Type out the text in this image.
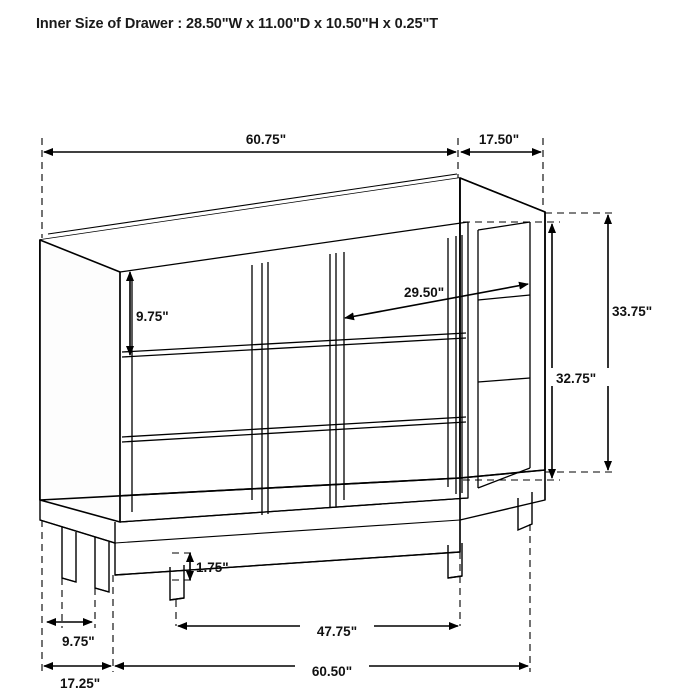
Inner Size of Drawer : 28.50"W x 11.00"D x 10.50"H x 0.25"T
60.75"	17.50"
9.75"
29.50"
33.75"
32.75"
1.75"
9.75"
17.25"
47.75"
60.50"
